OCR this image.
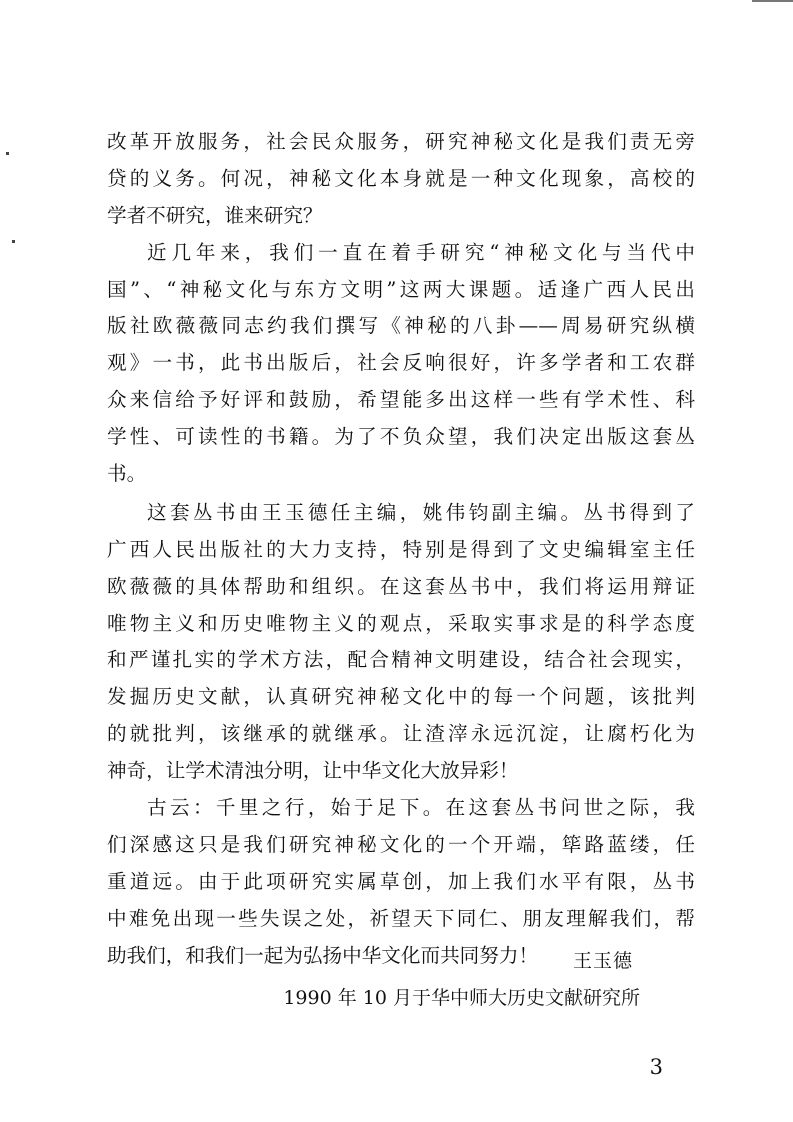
改革开放服务，社会民众服务，研究神秘文化是我们责无旁
贷的义务。何况，神秘文化本身就是一种文化现象，高校的
学者不研究，谁来研究？
近几年来，我们一直在着手研究“神秘文化与当代中
国”、“神秘文化与东方文明”这两大课题。适逢广西人民出
版社欧薇薇同志约我们撰写《神秘的八卦——周易研究纵横
观》一书，此书出版后，社会反响很好，许多学者和工农群
众来信给予好评和鼓励，希望能多出这样一些有学术性、科
学性、可读性的书籍。为了不负众望，我们决定出版这套丛
书。
这套丛书由王玉德任主编，姚伟钧副主编。丛书得到了
广西人民出版社的大力支持，特别是得到了文史编辑室主任
欧薇薇的具体帮助和组织。在这套丛书中，我们将运用辩证
唯物主义和历史唯物主义的观点，采取实事求是的科学态度
和严谨扎实的学术方法，配合精神文明建设，结合社会现实，
发掘历史文献，认真研究神秘文化中的每一个问题，该批判
的就批判，该继承的就继承。让渣滓永远沉淀，让腐朽化为
神奇，让学术清浊分明，让中华文化大放异彩！
古云：千里之行，始于足下。在这套丛书问世之际，我
们深感这只是我们研究神秘文化的一个开端，筚路蓝缕，任
重道远。由于此项研究实属草创，加上我们水平有限，丛书
中难免出现一些失误之处，祈望天下同仁、朋友理解我们，帮
助我们，和我们一起为弘扬中华文化而共同努力！	王玉德
1990 年 10 月于华中师大历史文献研究所
3
